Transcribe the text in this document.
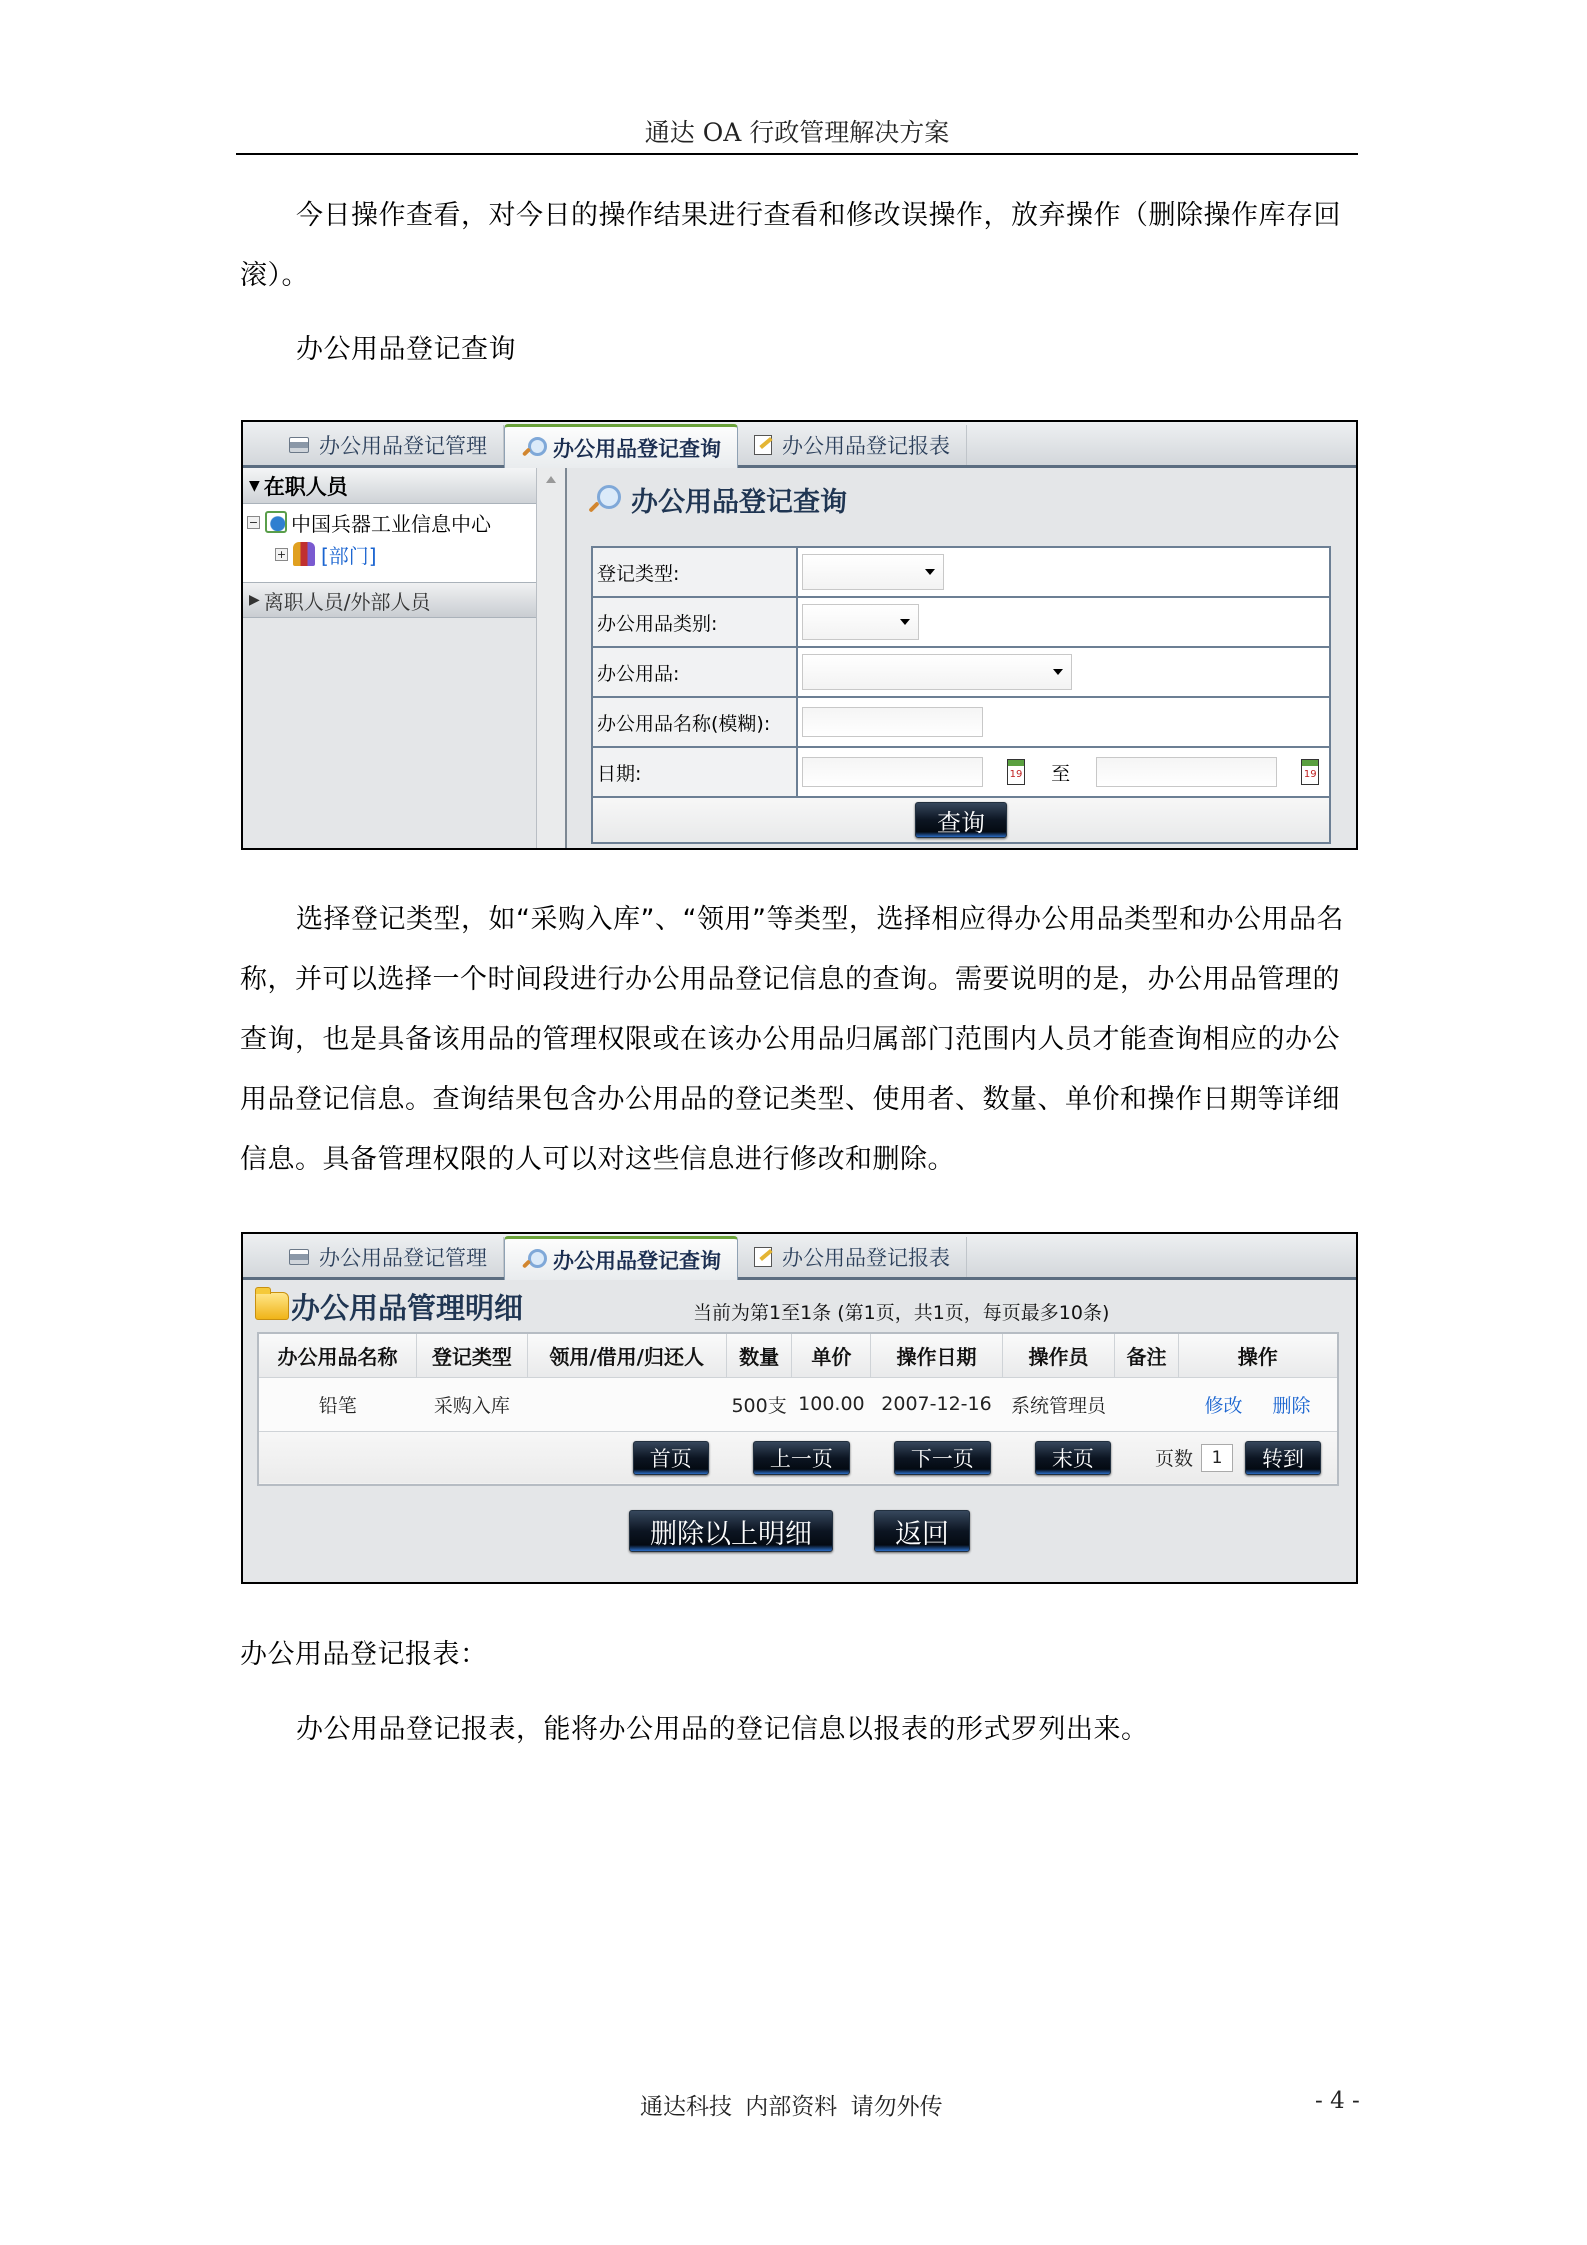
通达 OA 行政管理解决方案

今日操作查看，对今日的操作结果进行查看和修改误操作，放弃操作（删除操作库存回滚）。

办公用品登记查询

办公用品登记管理	办公用品登记查询	办公用品登记报表
▼ 在职人员
− 中国兵器工业信息中心
+ [部门]
▶ 离职人员/外部人员
办公用品登记查询
登记类型:	

办公用品类别:	

办公用品:	

办公用品名称(模糊):	
日期:	19 至 19
查询	

选择登记类型，如“采购入库”、“领用”等类型，选择相应得办公用品类型和办公用品名称，并可以选择一个时间段进行办公用品登记信息的查询。需要说明的是，办公用品管理的查询，也是具备该用品的管理权限或在该办公用品归属部门范围内人员才能查询相应的办公用品登记信息。查询结果包含办公用品的登记类型、使用者、数量、单价和操作日期等详细信息。具备管理权限的人可以对这些信息进行修改和删除。

办公用品登记管理	办公用品登记查询	办公用品登记报表
办公用品管理明细	当前为第1至1条 (第1页，共1页，每页最多10条)
办公用品名称	登记类型	领用/借用/归还人	数量	单价	操作日期	操作员	备注	操作
铅笔	采购入库		500支	100.00	2007-12-16	系统管理员		修改 删除
首页 上一页 下一页 末页 页数 1 转到								
删除以上明细	返回

办公用品登记报表：

办公用品登记报表，能将办公用品的登记信息以报表的形式罗列出来。

通达科技 内部资料 请勿外传	- 4 -
